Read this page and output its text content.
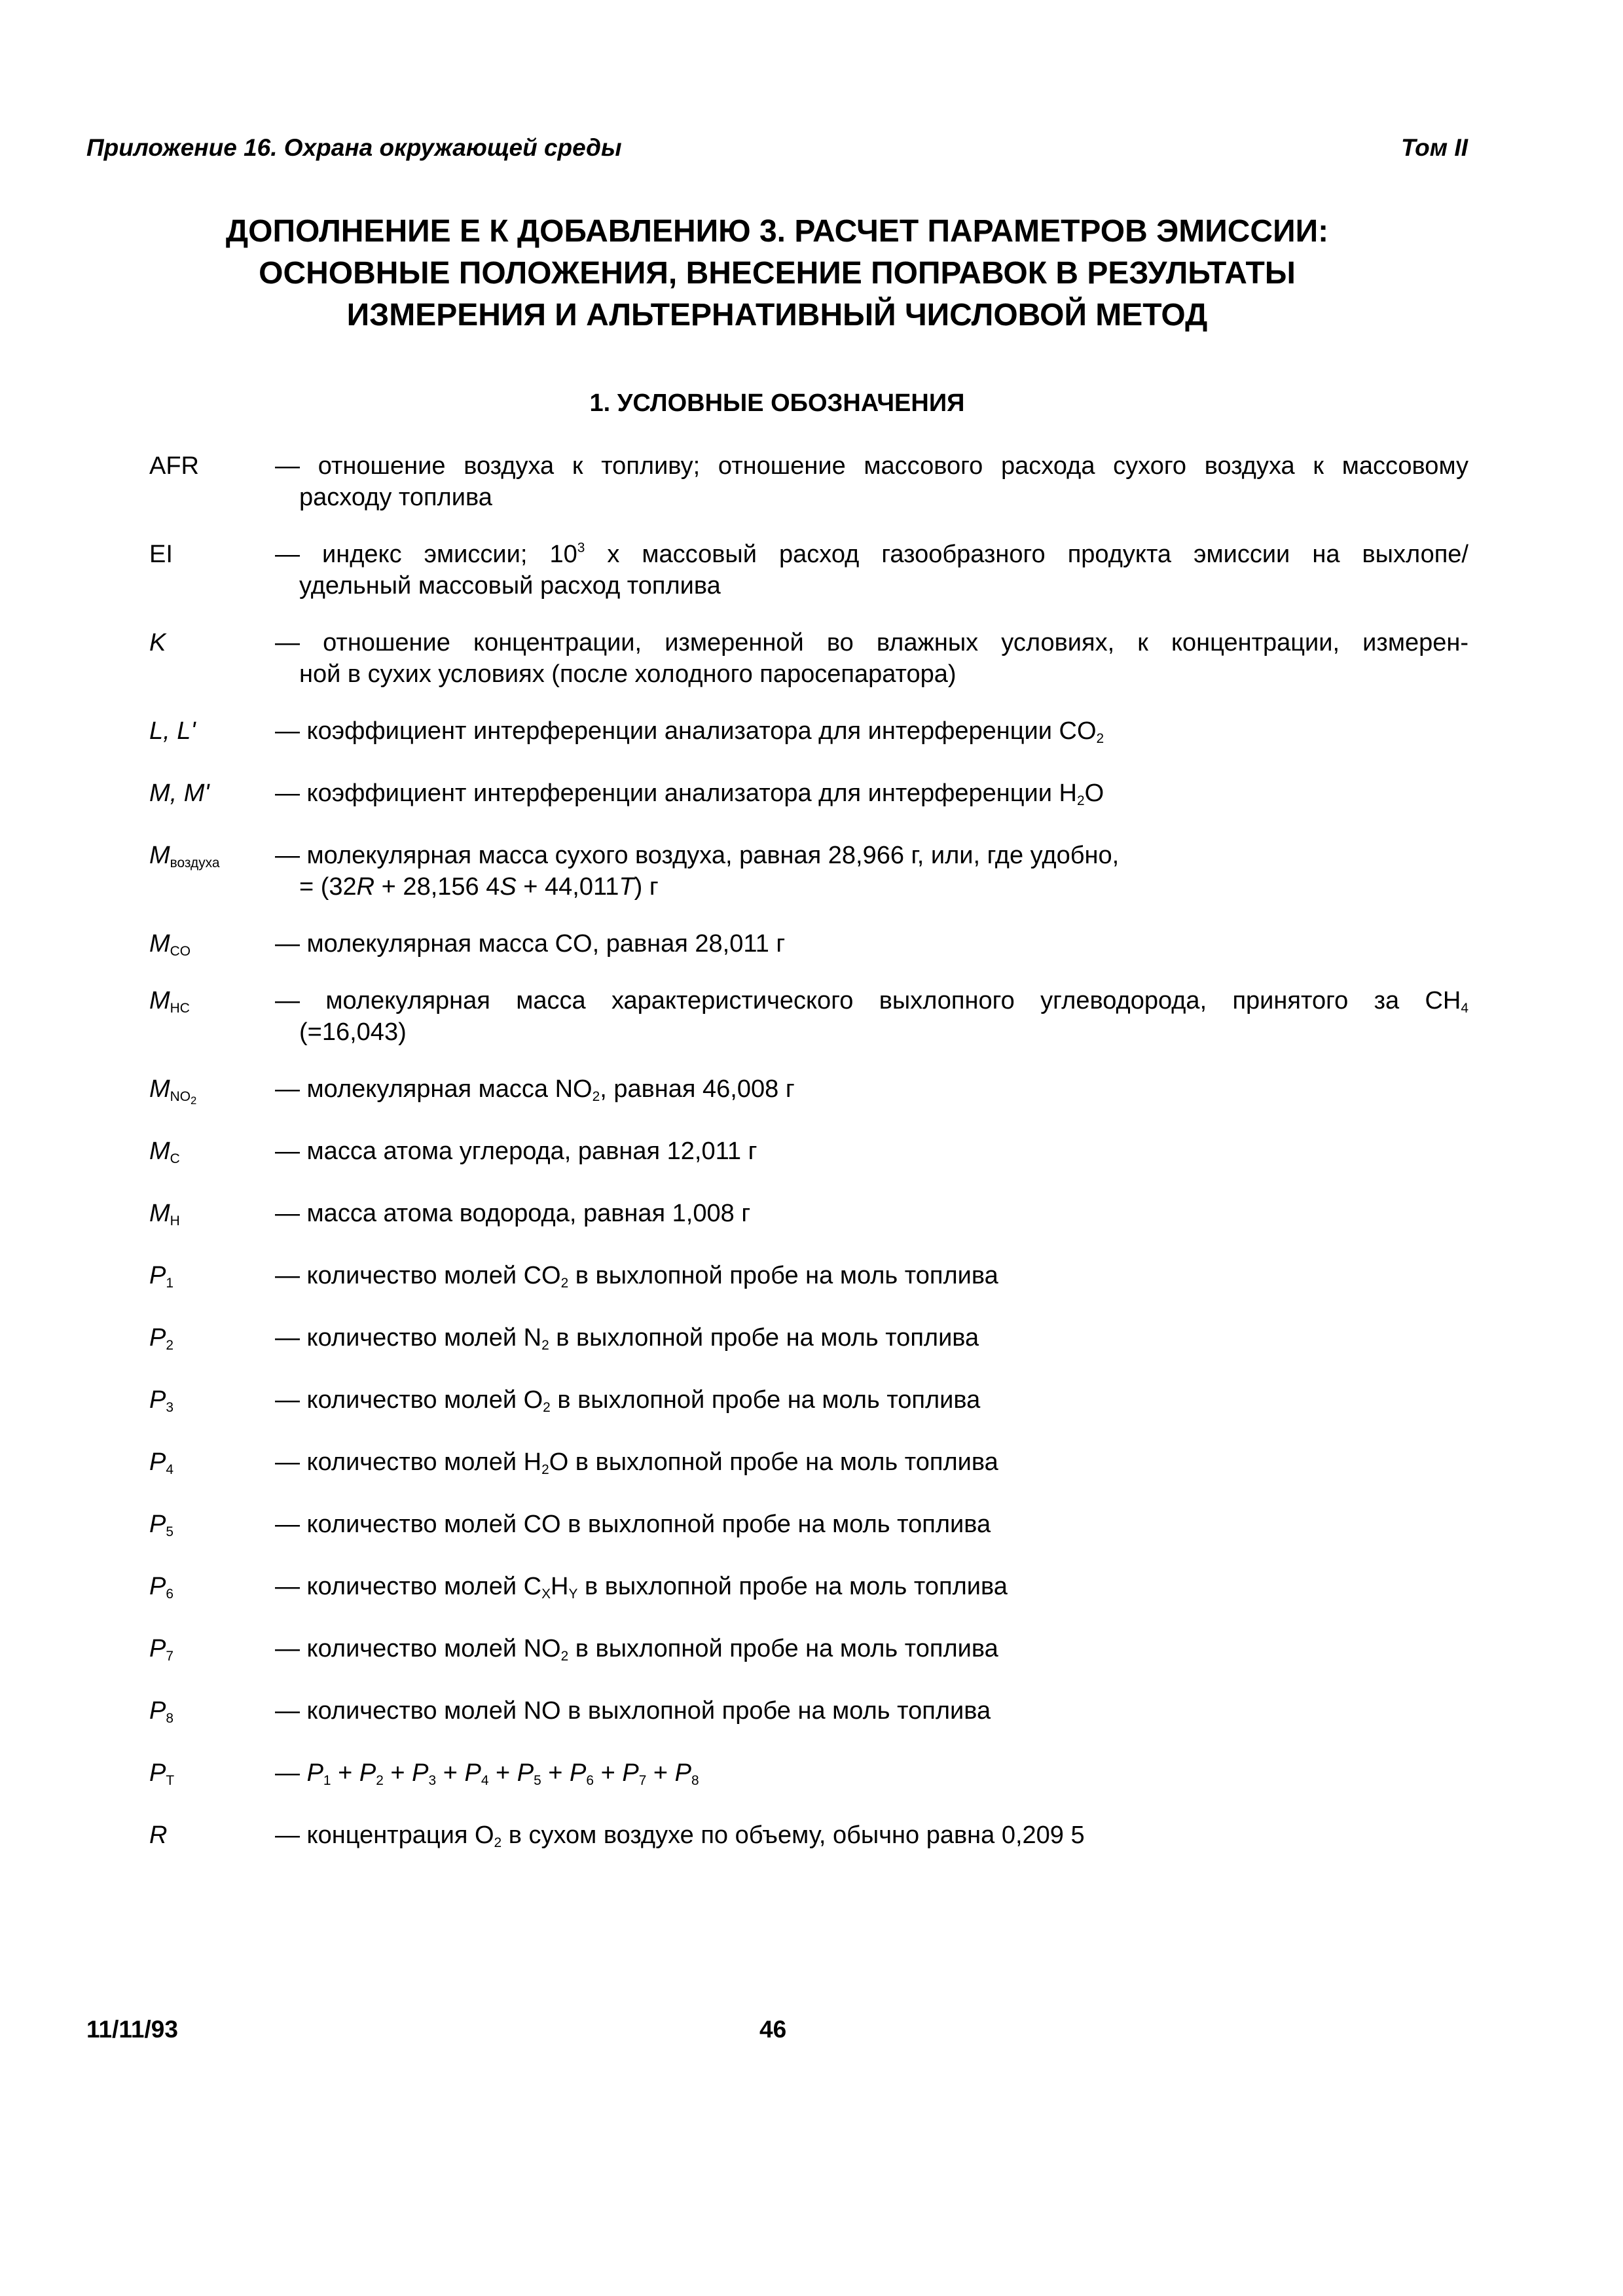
Приложение 16. Охрана окружающей среды	Том II
ДОПОЛНЕНИЕ Е К ДОБАВЛЕНИЮ 3. РАСЧЕТ ПАРАМЕТРОВ ЭМИССИИ:
ОСНОВНЫЕ ПОЛОЖЕНИЯ, ВНЕСЕНИЕ ПОПРАВОК В РЕЗУЛЬТАТЫ
ИЗМЕРЕНИЯ И АЛЬТЕРНАТИВНЫЙ ЧИСЛОВОЙ МЕТОД
1. УСЛОВНЫЕ ОБОЗНАЧЕНИЯ
AFR	— отношение воздуха к топливу; отношение массового расхода сухого воздуха к массовому
расходу топлива
EI	— индекс эмиссии; $10^3$ x массовый расход газообразного продукта эмиссии на выхлопе/
удельный массовый расход топлива
K	— отношение концентрации, измеренной во влажных условиях, к концентрации, измерен-
ной в сухих условиях (после холодного паросепаратора)
L, L'	— коэффициент интерференции анализатора для интерференции $CO_2$
M, M'	— коэффициент интерференции анализатора для интерференции $H_2O$
$M_{воздуха}$	— молекулярная масса сухого воздуха, равная 28,966 г, или, где удобно,
= (32R + 28,156 4S + 44,011T) г
$M_{CO}$	— молекулярная масса CO, равная 28,011 г
$M_{HC}$	— молекулярная масса характеристического выхлопного углеводорода, принятого за $CH_4$
(=16,043)
$M_{NO_2}$	— молекулярная масса $NO_2$, равная 46,008 г
$M_C$	— масса атома углерода, равная 12,011 г
$M_H$	— масса атома водорода, равная 1,008 г
$P_1$	— количество молей $CO_2$ в выхлопной пробе на моль топлива
$P_2$	— количество молей $N_2$ в выхлопной пробе на моль топлива
$P_3$	— количество молей $O_2$ в выхлопной пробе на моль топлива
$P_4$	— количество молей $H_2O$ в выхлопной пробе на моль топлива
$P_5$	— количество молей CO в выхлопной пробе на моль топлива
$P_6$	— количество молей $C_XH_Y$ в выхлопной пробе на моль топлива
$P_7$	— количество молей $NO_2$ в выхлопной пробе на моль топлива
$P_8$	— количество молей NO в выхлопной пробе на моль топлива
$P_T$	— $P_1 + P_2 + P_3 + P_4 + P_5 + P_6 + P_7 + P_8$
R	— концентрация $O_2$ в сухом воздухе по объему, обычно равна 0,209 5
11/11/93	46
